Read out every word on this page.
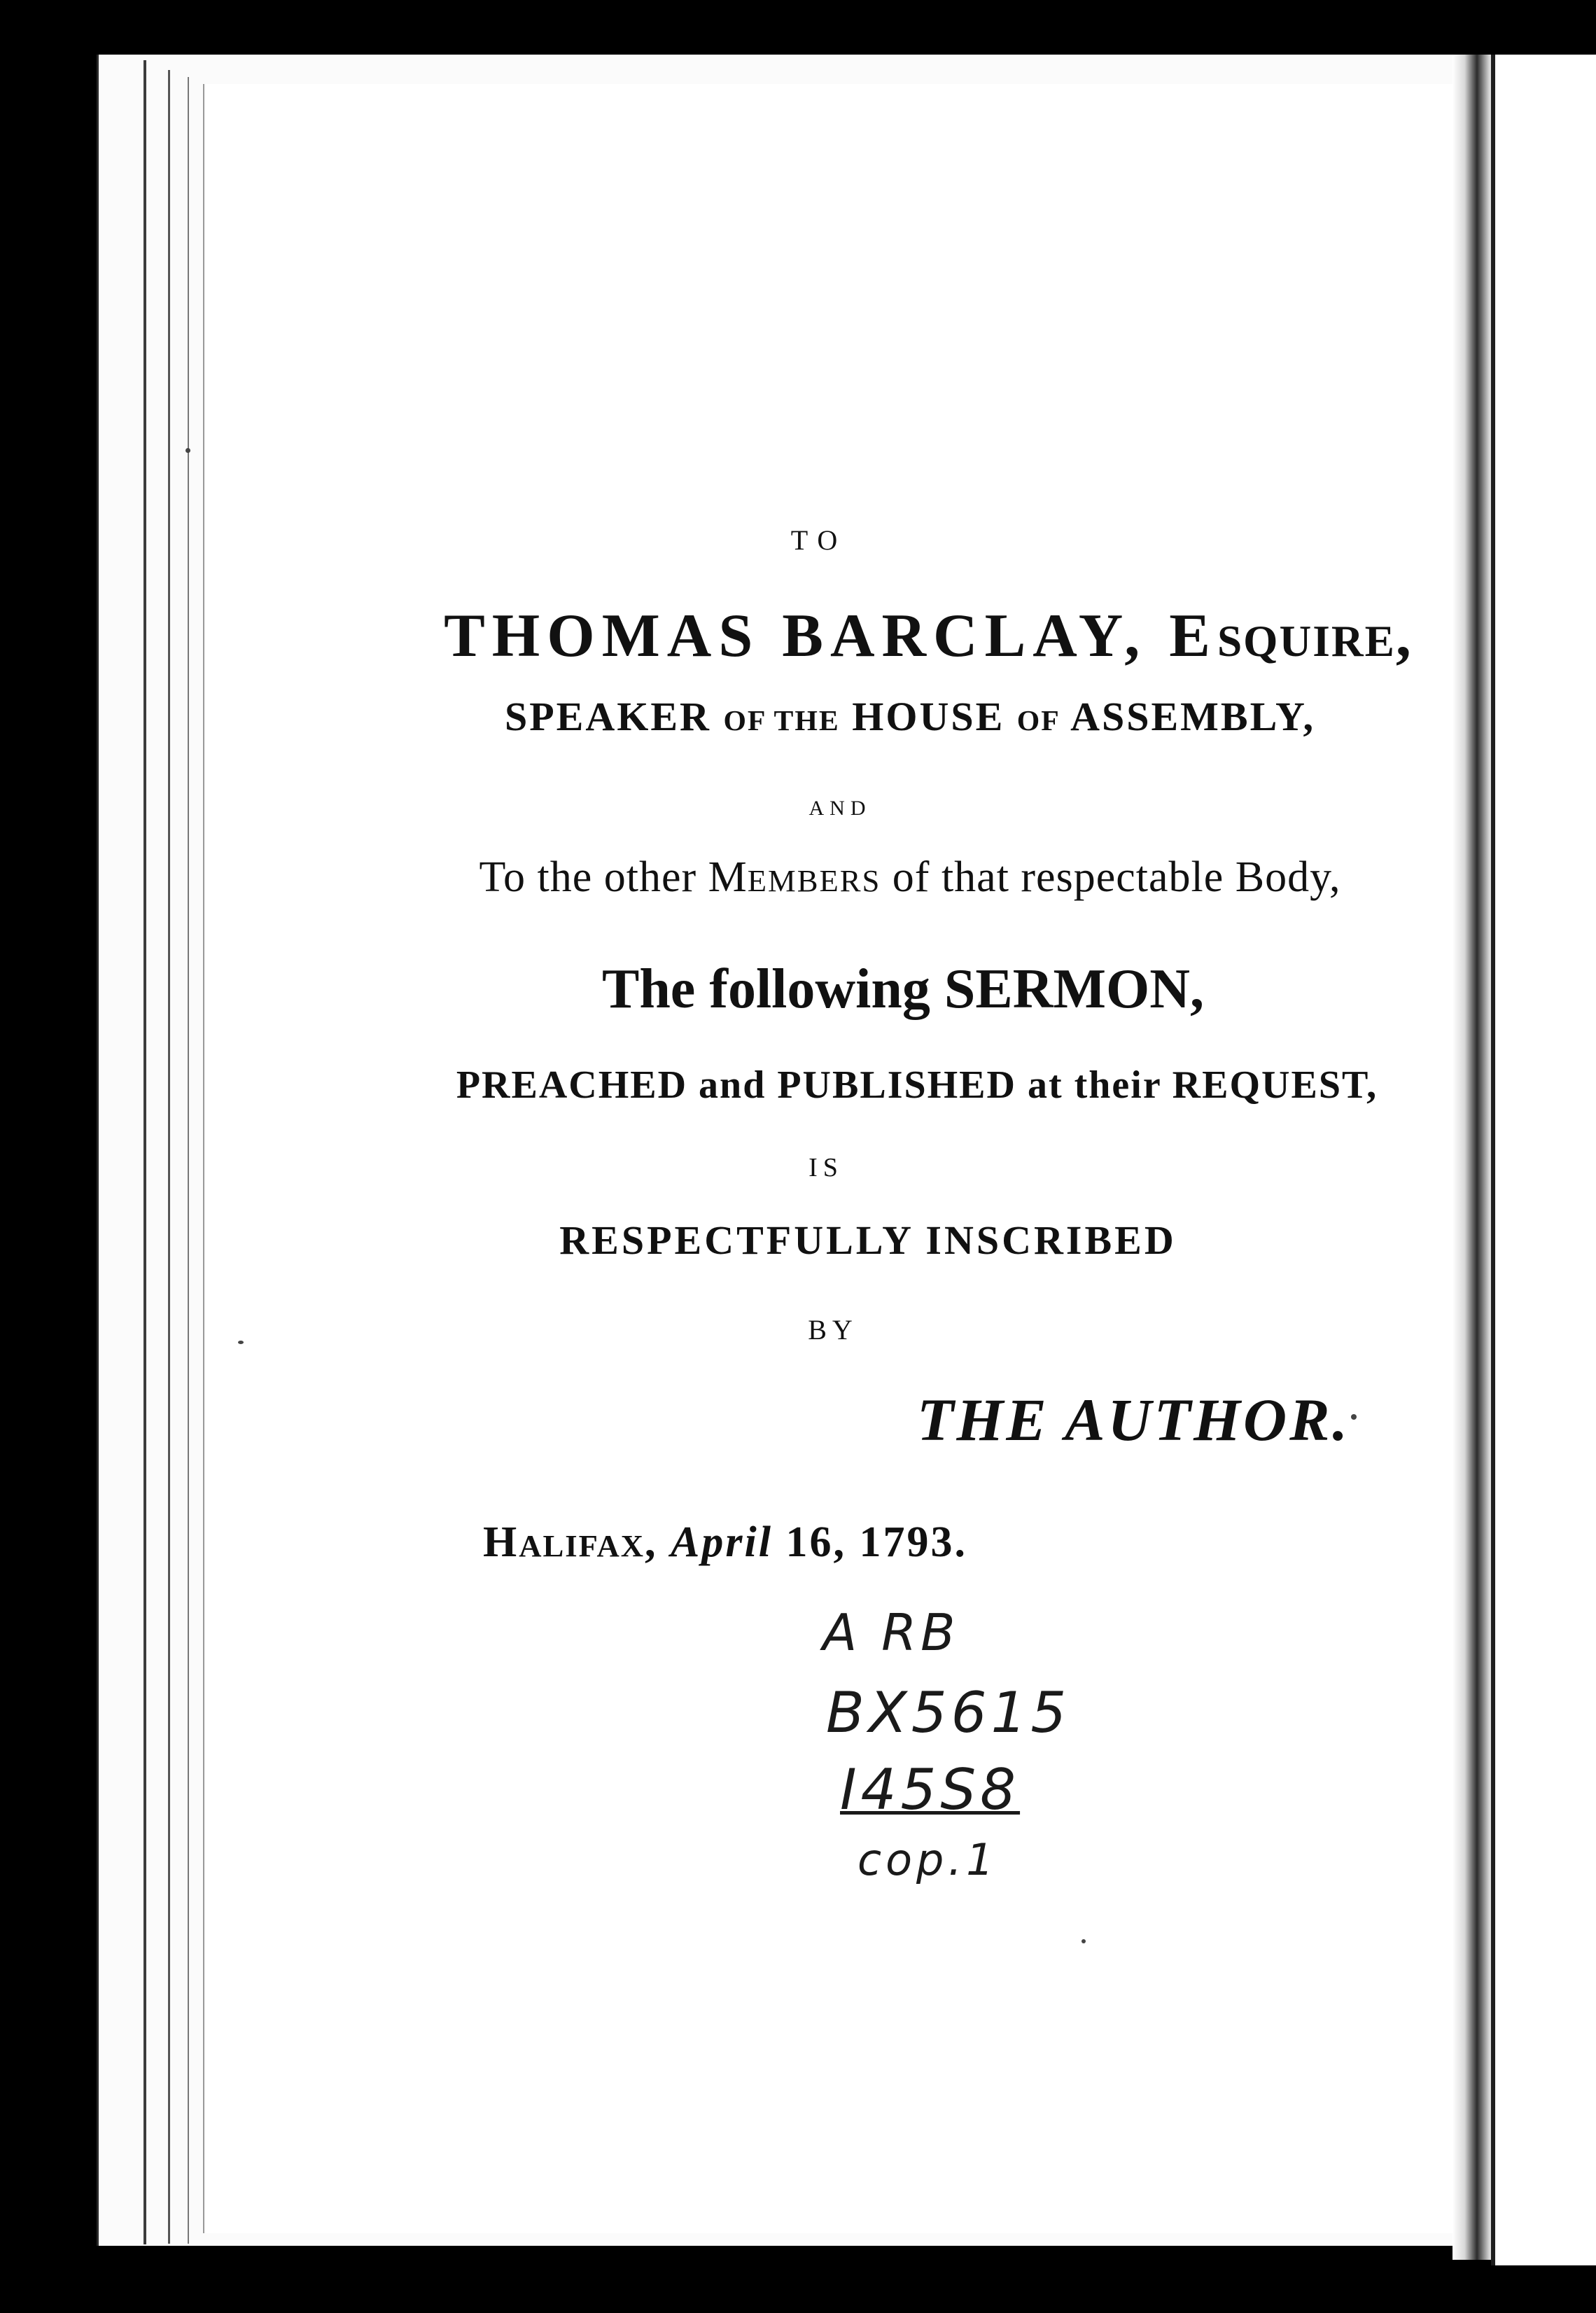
TO
THOMAS BARCLAY, ESQUIRE,
SPEAKER OF THE HOUSE OF ASSEMBLY,
AND
To the other MEMBERS of that respectable Body,
The following SERMON,
PREACHED and PUBLISHED at their REQUEST,
IS
RESPECTFULLY INSCRIBED
BY
THE AUTHOR.
HALIFAX, April 16, 1793.
A RB
BX5615
I45S8
cop.1
